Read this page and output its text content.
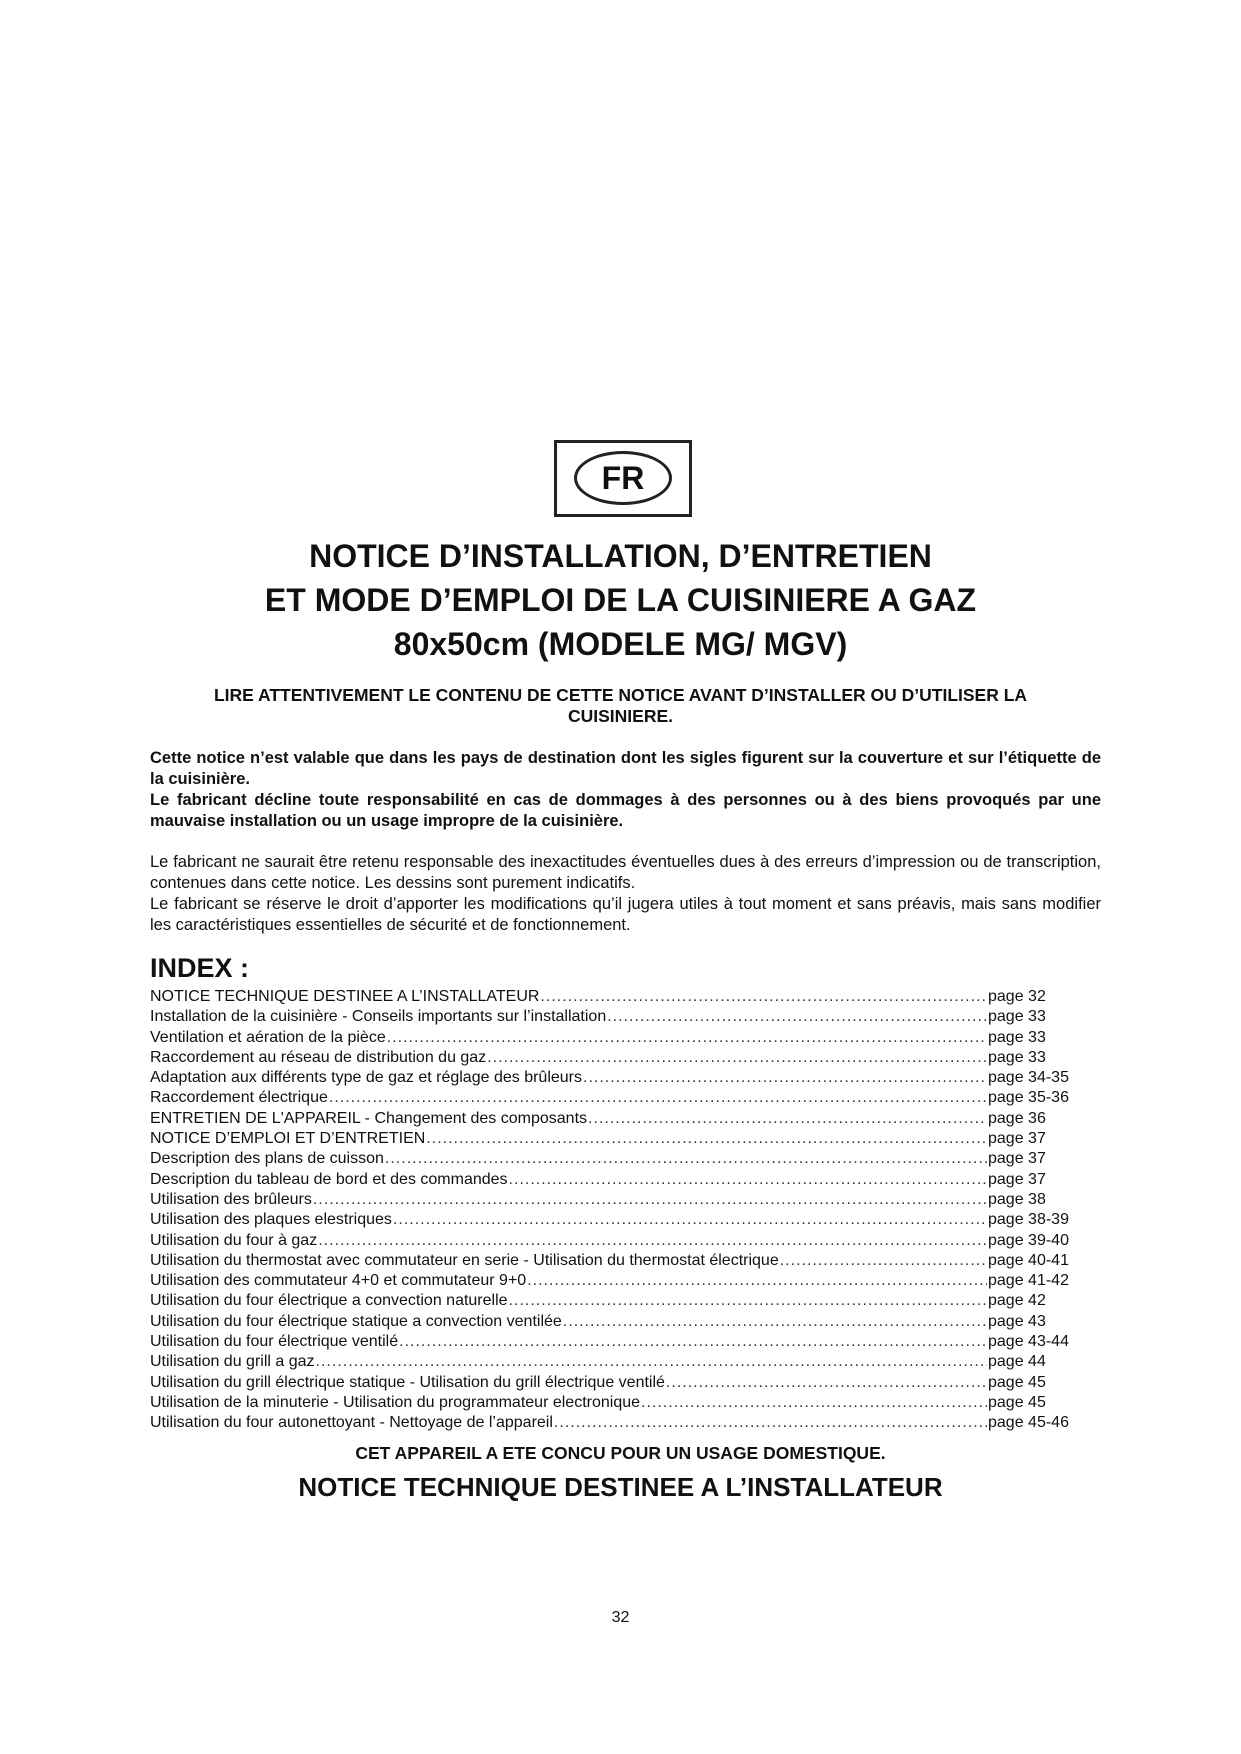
FR
NOTICE D’INSTALLATION, D’ENTRETIEN
ET MODE D’EMPLOI DE LA CUISINIERE A GAZ
80x50cm (MODELE MG/ MGV)

LIRE ATTENTIVEMENT LE CONTENU DE CETTE NOTICE AVANT D’INSTALLER OU D’UTILISER LA

CUISINIERE.

Cette notice n’est valable que dans les pays de destination dont les sigles figurent sur la couverture et sur l’étiquette de la cuisinière.
Le fabricant décline toute responsabilité en cas de dommages à des personnes ou à des biens provoqués par une mauvaise installation ou un usage impropre de la cuisinière.
Le fabricant ne saurait être retenu responsable des inexactitudes éventuelles dues à des erreurs d’impression ou de transcription, contenues dans cette notice. Les dessins sont purement indicatifs.
Le fabricant se réserve le droit d’apporter les modifications qu’il jugera utiles à tout moment et sans préavis, mais sans modifier les caractéristiques essentielles de sécurité et de fonctionnement.
INDEX :
NOTICE TECHNIQUE DESTINEE A L’INSTALLATEUR .....	page 32
Installation de la cuisinière - Conseils importants sur l’installation .....	page 33
Ventilation et aération de la pièce .....	page 33
Raccordement au réseau de distribution du gaz .....	page 33
Adaptation aux différents type de gaz et réglage des brûleurs .....	page 34-35
Raccordement électrique .....	page 35-36
ENTRETIEN DE L'APPAREIL - Changement des composants .....	page 36
NOTICE D’EMPLOI ET D’ENTRETIEN .....	page 37
Description des plans de cuisson .....	page 37
Description du tableau de bord et des commandes .....	page 37
Utilisation des brûleurs .....	page 38
Utilisation des plaques elestriques .....	page 38-39
Utilisation du four à gaz .....	page 39-40
Utilisation du thermostat avec commutateur en serie - Utilisation du thermostat électrique .....	page 40-41
Utilisation des commutateur 4+0 et commutateur 9+0 .....	page 41-42
Utilisation du four électrique a convection naturelle .....	page 42
Utilisation du four électrique statique a convection ventilée .....	page 43
Utilisation du four électrique ventilé .....	page 43-44
Utilisation du grill a gaz .....	page 44
Utilisation du grill électrique statique - Utilisation du grill électrique ventilé .....	page 45
Utilisation de la minuterie - Utilisation du programmateur electronique .....	page 45
Utilisation du four autonettoyant - Nettoyage de l’appareil .....	page 45-46

CET APPAREIL A ETE CONCU POUR UN USAGE DOMESTIQUE.

NOTICE TECHNIQUE DESTINEE A L’INSTALLATEUR

32
